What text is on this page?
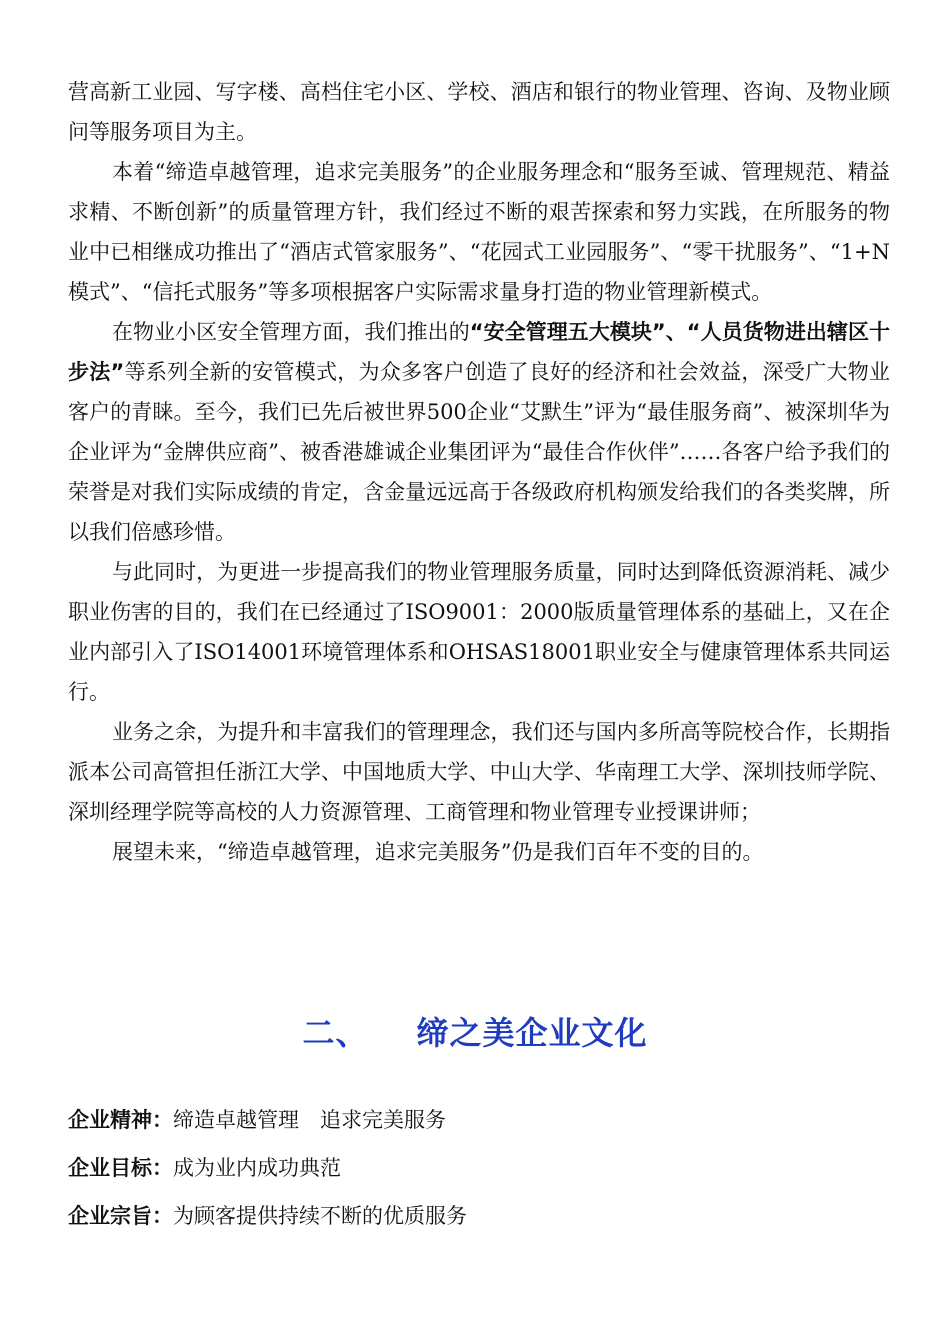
营高新工业园、写字楼、高档住宅小区、学校、酒店和银行的物业管理、咨询、及物业顾问等服务项目为主。

本着“缔造卓越管理，追求完美服务”的企业服务理念和“服务至诚、管理规范、精益求精、不断创新”的质量管理方针，我们经过不断的艰苦探索和努力实践，在所服务的物业中已相继成功推出了“酒店式管家服务”、“花园式工业园服务”、“零干扰服务”、“1+N模式”、“信托式服务”等多项根据客户实际需求量身打造的物业管理新模式。

在物业小区安全管理方面，我们推出的“安全管理五大模块”、“人员货物进出辖区十步法”等系列全新的安管模式，为众多客户创造了良好的经济和社会效益，深受广大物业客户的青睐。至今，我们已先后被世界500企业“艾默生”评为“最佳服务商”、被深圳华为企业评为“金牌供应商”、被香港雄诚企业集团评为“最佳合作伙伴”……各客户给予我们的荣誉是对我们实际成绩的肯定，含金量远远高于各级政府机构颁发给我们的各类奖牌，所以我们倍感珍惜。

与此同时，为更进一步提高我们的物业管理服务质量，同时达到降低资源消耗、减少职业伤害的目的，我们在已经通过了ISO9001：2000版质量管理体系的基础上，又在企业内部引入了ISO14001环境管理体系和OHSAS18001职业安全与健康管理体系共同运行。

业务之余，为提升和丰富我们的管理理念，我们还与国内多所高等院校合作，长期指派本公司高管担任浙江大学、中国地质大学、中山大学、华南理工大学、深圳技师学院、深圳经理学院等高校的人力资源管理、工商管理和物业管理专业授课讲师；

展望未来，“缔造卓越管理，追求完美服务”仍是我们百年不变的目的。

二、 缔之美企业文化
企业精神：缔造卓越管理　追求完美服务
企业目标：成为业内成功典范
企业宗旨：为顾客提供持续不断的优质服务
